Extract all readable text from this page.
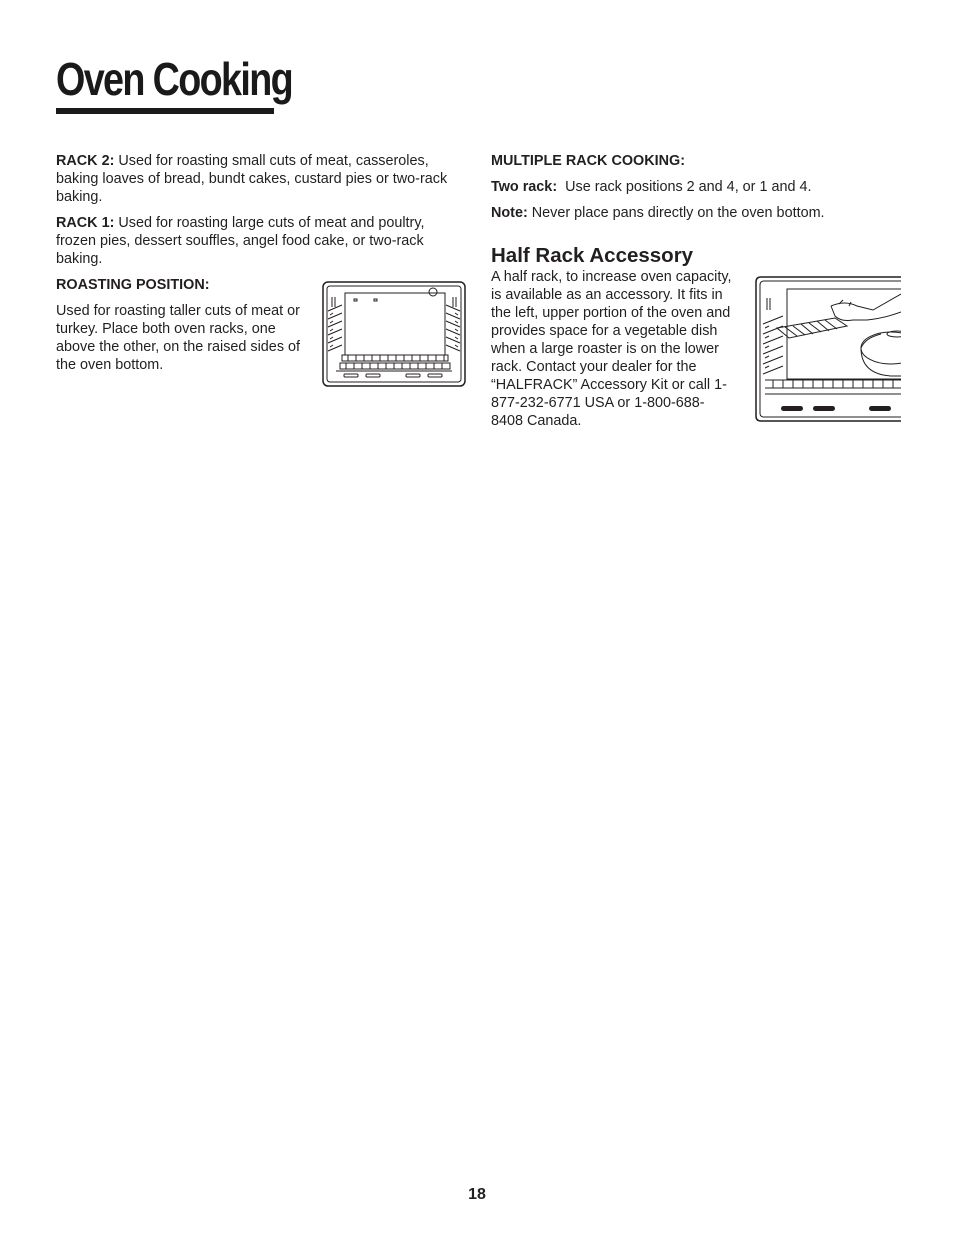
Oven Cooking

RACK 2: Used for roasting small cuts of meat, casseroles, baking loaves of bread, bundt cakes, custard pies or two-rack baking.

RACK 1: Used for roasting large cuts of meat and poultry, frozen pies, dessert souffles, angel food cake, or two-rack baking.

ROASTING POSITION:

Used for roasting taller cuts of meat or turkey. Place both oven racks, one above the other, on the raised sides of the oven bottom.

MULTIPLE RACK COOKING:

Two rack:  Use rack positions 2 and 4, or 1 and 4.

Note: Never place pans directly on the oven bottom.

Half Rack Accessory

A half rack, to increase oven capacity, is available as an accessory. It fits in the left, upper portion of the oven and provides space for a vegetable dish when a large roaster is on the lower rack. Contact your dealer for the “HALFRACK” Accessory Kit or call 1-877-232-6771 USA or 1-800-688-8408 Canada.

18
